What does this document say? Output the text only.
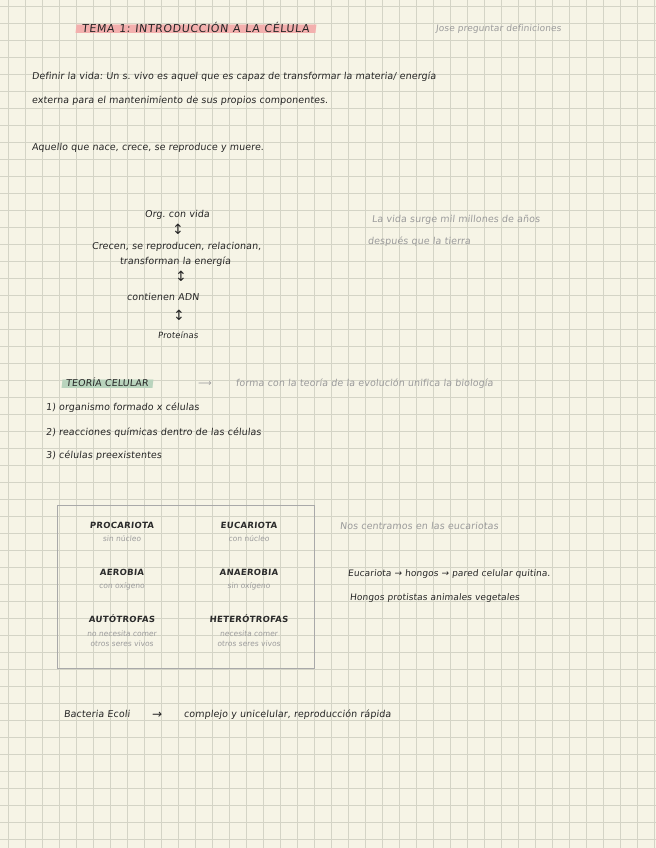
TEMA 1: INTRODUCCIÓN A LA CÉLULA	Jose preguntar definiciones
Definir la vida: Un s. vivo es aquel que es capaz de transformar la materia/ energía
externa para el mantenimiento de sus propios componentes.
Aquello que nace, crece, se reproduce y muere.
Org. con vida
↕
Crecen, se reproducen, relacionan,
transforman la energía
↕
contienen ADN
↕
Proteínas
La vida surge mil millones de años
después que la tierra
TEORÍA CELULAR	⟶ forma con la teoría de la evolución unifica la biología
1) organismo formado x células
2) reacciones químicas dentro de las células
3) células preexistentes
PROCARIOTA
sin núcleo
EUCARIOTA
con núcleo
AEROBIA
con oxígeno
ANAEROBIA
sin oxígeno
AUTÓTROFAS
no necesita comer
otros seres vivos
HETERÓTROFAS
necesita comer
otros seres vivos
Nos centramos en las eucariotas
Eucariota → hongos → pared celular quitina.
Hongos protistas animales vegetales
Bacteria Ecoli → complejo y unicelular, reproducción rápida
